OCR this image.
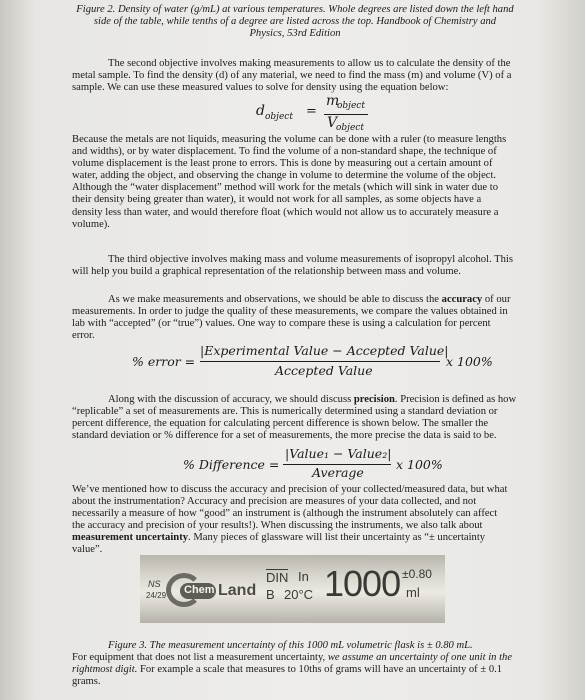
Figure 2. Density of water (g/mL) at various temperatures. Whole degrees are listed down the left hand
side of the table, while tenths of a degree are listed across the top. Handbook of Chemistry and
Physics, 53rd Edition
The second objective involves making measurements to allow us to calculate the density of the
metal sample. To find the density (d) of any material, we need to find the mass (m) and volume (V) of a
sample. We can use these measured values to solve for density using the equation below:
d object =
m
object
V
object
Because the metals are not liquids, measuring the volume can be done with a ruler (to measure lengths
and widths), or by water displacement. To find the volume of a non-standard shape, the technique of
volume displacement is the least prone to errors. This is done by measuring out a certain amount of
water, adding the object, and observing the change in volume to determine the volume of the object.
Although the “water displacement” method will work for the metals (which will sink in water due to
their density being greater than water), it would not work for all samples, as some objects have a
density less than water, and would therefore float (which would not allow us to accurately measure a
volume).
The third objective involves making mass and volume measurements of isopropyl alcohol. This
will help you build a graphical representation of the relationship between mass and volume.
As we make measurements and observations, we should be able to discuss the accuracy of our
measurements. In order to judge the quality of these measurements, we compare the values obtained in
lab with “accepted” (or “true”) values. One way to compare these is using a calculation for percent
error.
% error =
|Experimental Value − Accepted Value|
Accepted Value
x 100%
Along with the discussion of accuracy, we should discuss precision. Precision is defined as how
“replicable” a set of measurements are. This is numerically determined using a standard deviation or
percent difference, the equation for calculating percent difference is shown below. The smaller the
standard deviation or % difference for a set of measurements, the more precise the data is said to be.
% Difference =
|Value₁ − Value₂|
Average
x 100%
We’ve mentioned how to discuss the accuracy and precision of your collected/measured data, but what
about the instrumentation? Accuracy and precision are measures of your data collected, and not
necessarily a measure of how “good” an instrument is (although the instrument absolutely can affect
the accuracy and precision of your results!). When discussing the instruments, we also talk about
measurement uncertainty. Many pieces of glassware will list their uncertainty as “± uncertainty
value”.
NS
24/29 Chem Land
DIN In
B 20°C 1000 ±0.80
ml
Figure 3. The measurement uncertainty of this 1000 mL volumetric flask is ± 0.80 mL.
For equipment that does not list a measurement uncertainty, we assume an uncertainty of one unit in the
rightmost digit. For example a scale that measures to 10ths of grams will have an uncertainty of ± 0.1
grams.
